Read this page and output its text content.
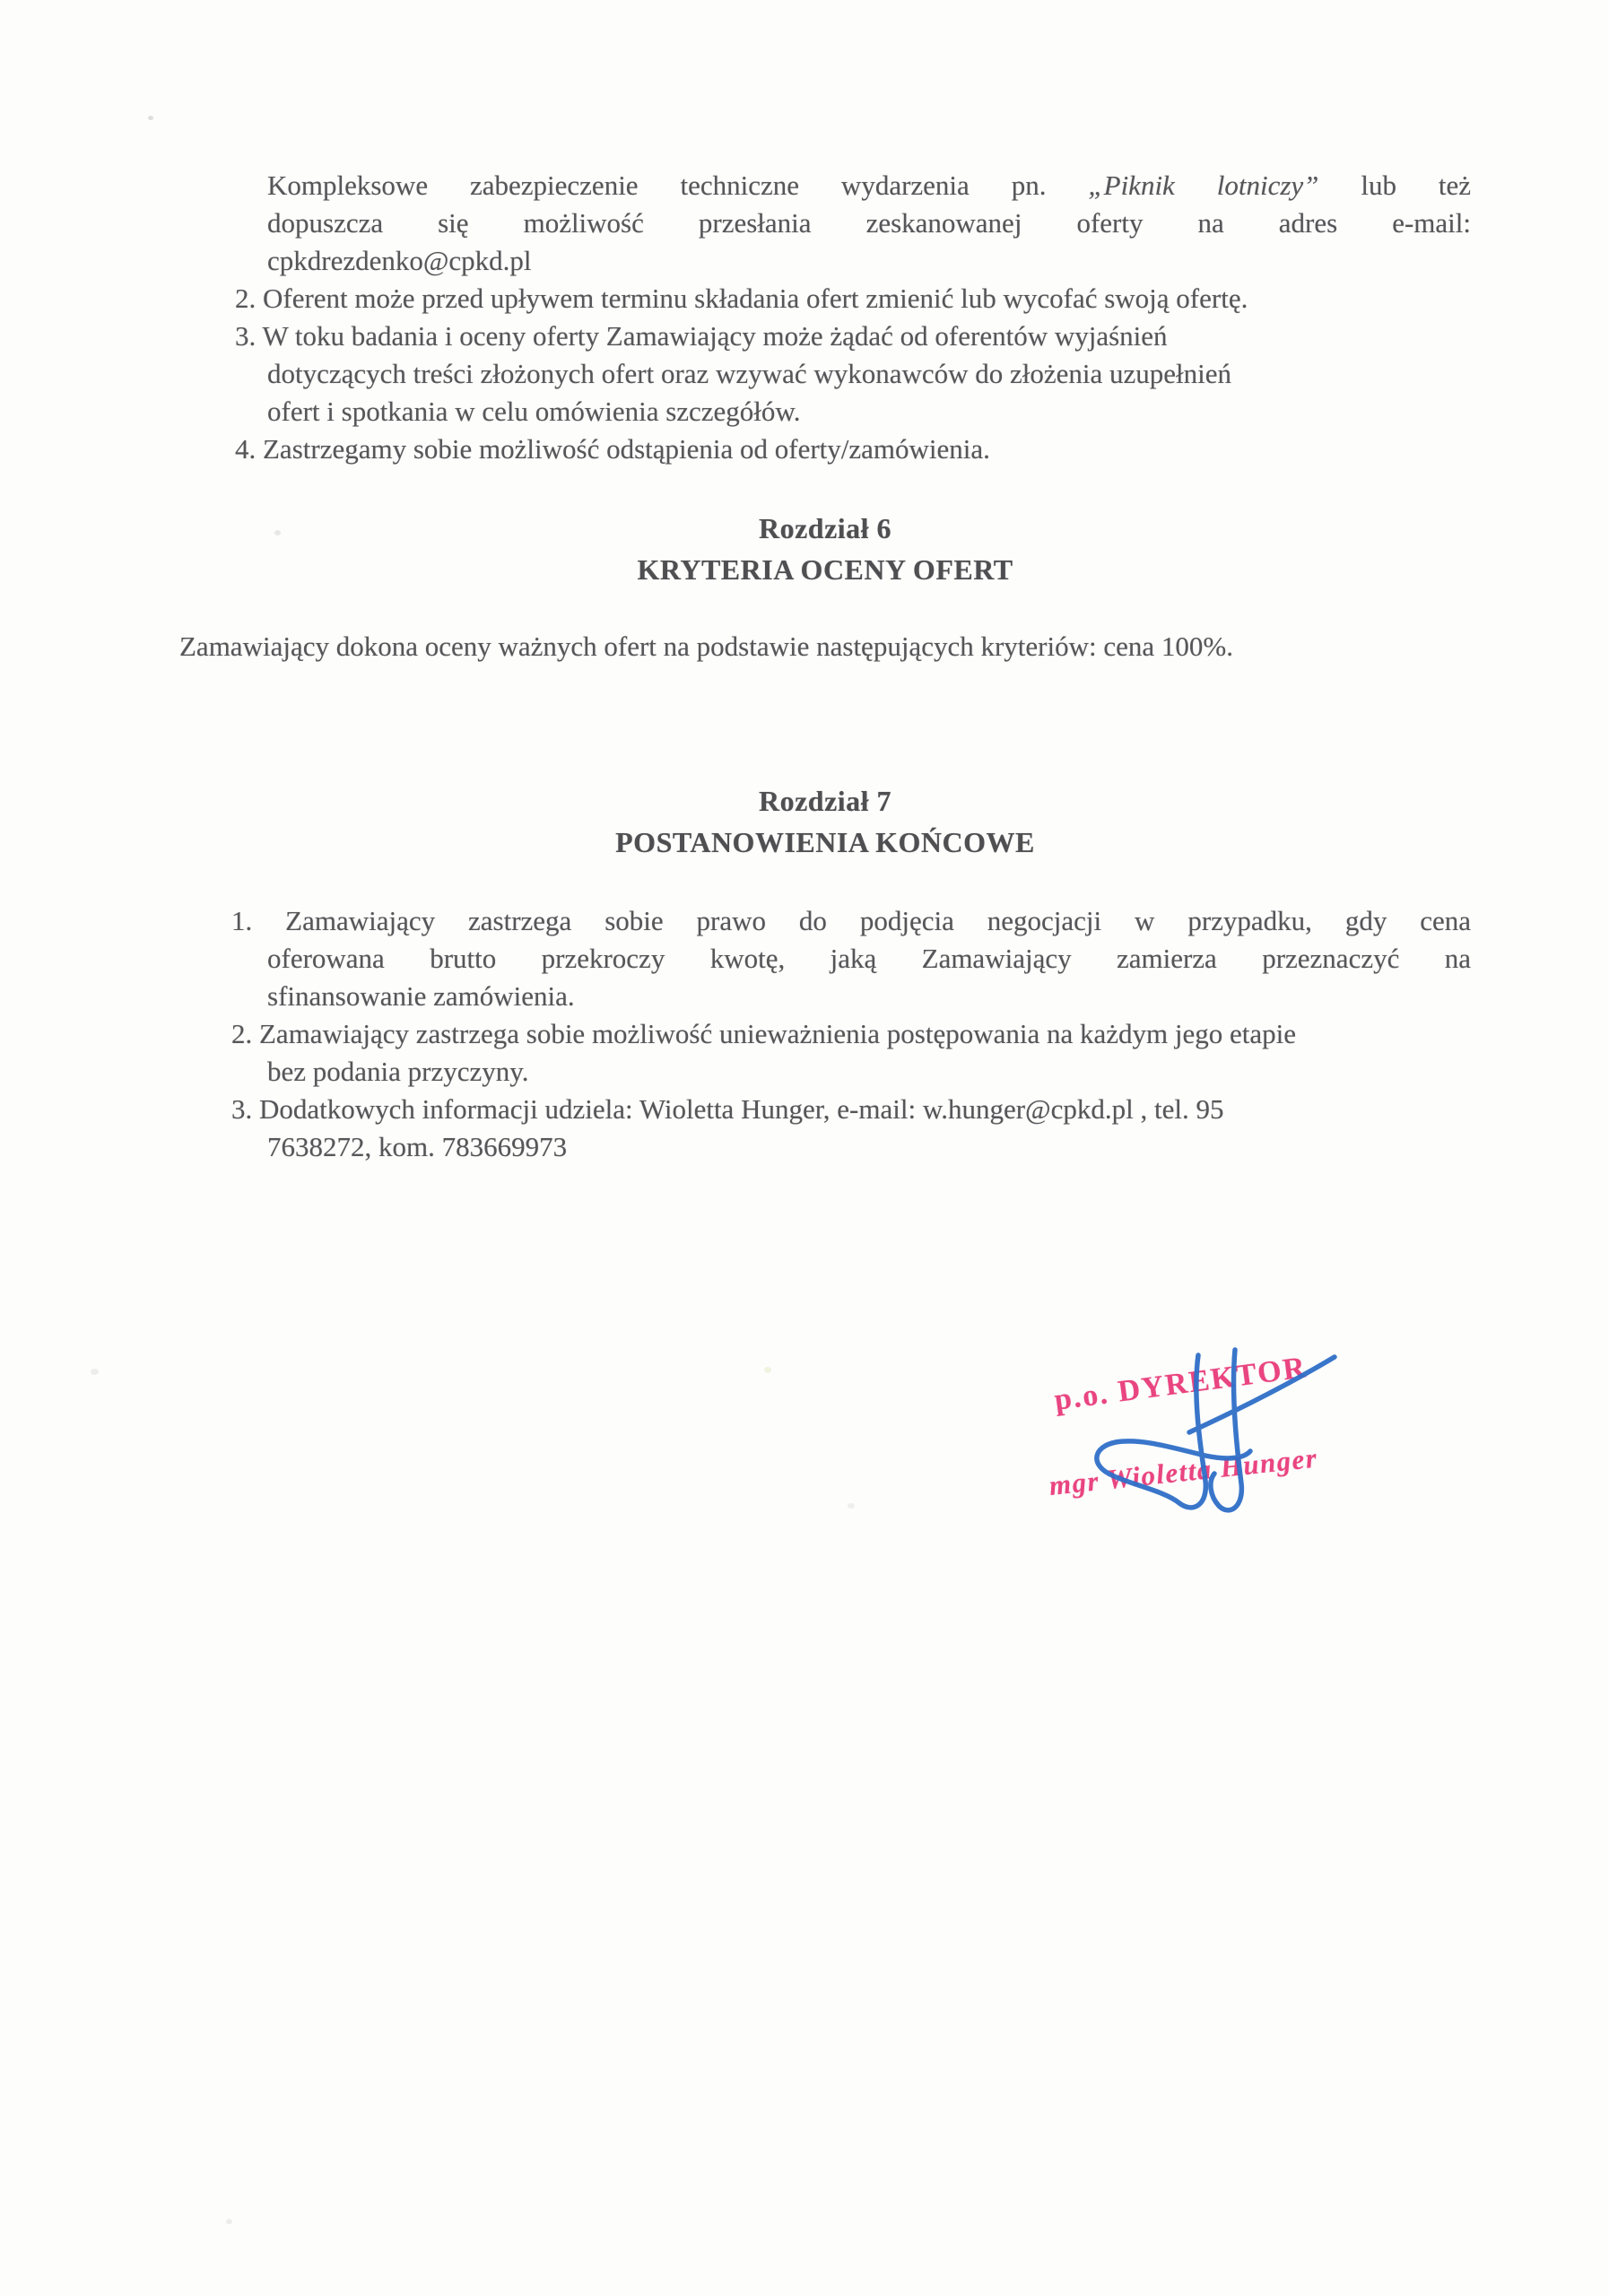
Kompleksowe zabezpieczenie techniczne wydarzenia pn. „Piknik lotniczy” lub też

dopuszcza się możliwość przesłania zeskanowanej oferty na adres e-mail:

cpkdrezdenko@cpkd.pl

2. Oferent może przed upływem terminu składania ofert zmienić lub wycofać swoją ofertę.

3. W toku badania i oceny oferty Zamawiający może żądać od oferentów wyjaśnień

dotyczących treści złożonych ofert oraz wzywać wykonawców do złożenia uzupełnień

ofert i spotkania w celu omówienia szczegółów.

4. Zastrzegamy sobie możliwość odstąpienia od oferty/zamówienia.

Rozdział 6
KRYTERIA OCENY OFERT

Zamawiający dokona oceny ważnych ofert na podstawie następujących kryteriów: cena 100%.

Rozdział 7
POSTANOWIENIA KOŃCOWE

1. Zamawiający zastrzega sobie prawo do podjęcia negocjacji w przypadku, gdy cena

oferowana brutto przekroczy kwotę, jaką Zamawiający zamierza przeznaczyć na

sfinansowanie zamówienia.

2. Zamawiający zastrzega sobie możliwość unieważnienia postępowania na każdym jego etapie

bez podania przyczyny.

3. Dodatkowych informacji udziela: Wioletta Hunger, e-mail: w.hunger@cpkd.pl , tel. 95

7638272, kom. 783669973

p.o. DYREKTOR
mgr Wioletta Hunger
